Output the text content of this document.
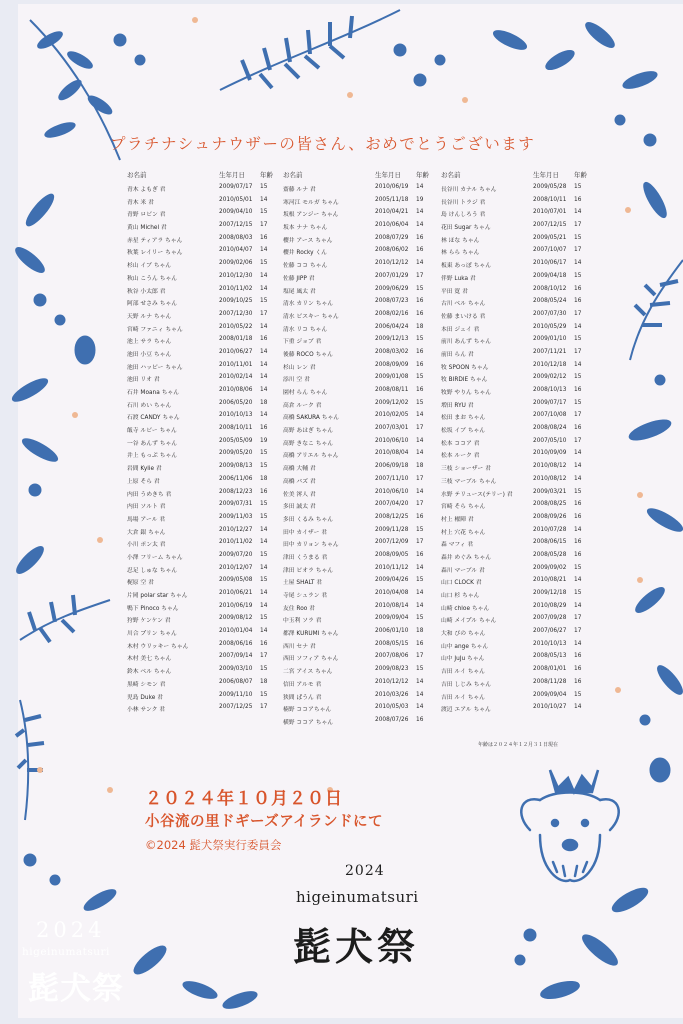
プラチナシュナウザーの皆さん、おめでとうございます
お名前	生年月日 年齢
青木 よもぎ 君	2009/07/17 15
青木 米 君	2010/05/01 14
青野 ロビン 君	2009/04/10 15
黄山 Michel 君	2007/12/15 17
赤星 ティアラ ちゃん	2008/08/03 16
秋葉 レイリー ちゃん	2010/04/07 14
杉山 イブ ちゃん	2009/02/06 15
秋山 こうん ちゃん	2010/12/30 14
秋谷 小太郎 君	2010/11/02 14
阿部 せさみ ちゃん	2009/10/25 15
天野 ルナ ちゃん	2007/12/30 17
宮崎 ファニィ ちゃん	2010/05/22 14
池上 サラ ちゃん	2008/01/18 16
池田 小豆 ちゃん	2010/06/27 14
池田 ハッピー ちゃん	2010/11/01 14
池田 リオ 君	2010/02/14 14
石井 Moana ちゃん	2010/08/06 14
石川 めい ちゃん	2006/05/20 18
石渡 CANDY ちゃん	2010/10/13 14
飯寺 ルビー ちゃん	2008/10/11 16
一谷 あんず ちゃん	2005/05/09 19
井上 もっぷ ちゃん	2009/05/20 15
岩間 Kylie 君	2009/08/13 15
上原 そら 君	2006/11/06 18
内田 うめきち 君	2008/12/23 16
内田 ソルト 君	2009/07/31 15
馬場 アール 君	2009/11/03 15
大倉 銀 ちゃん	2010/12/27 14
小川 ポン太 君	2010/11/02 14
小澤 フリーム ちゃん	2009/07/20 15
忍足 しゅな ちゃん	2010/12/07 14
梶原 空 君	2009/05/08 15
片岡 polar star ちゃん	2010/06/21 14
鴨下 Pinoco ちゃん	2010/06/19 14
狩野 ケンケン 君	2009/08/12 15
川合 プリン ちゃん	2010/01/04 14
木村 ウリッキー ちゃん	2008/06/16 16
木村 美七 ちゃん	2007/09/14 17
鈴木 ベル ちゃん	2009/03/10 15
黒崎 シモン 君	2006/08/07 18
児島 Duke 君	2009/11/10 15
小林 サンク 君	2007/12/25 17
お名前	生年月日 年齢
齋藤 ルナ 君	2010/06/19 14
寒河江 モルガ ちゃん	2005/11/18 19
坂根 アンジー ちゃん	2010/04/21 14
坂本 ナナ ちゃん	2010/06/04 14
櫻井 アース ちゃん	2008/07/29 16
櫻井 Rocky くん	2008/06/02 16
佐藤 ココ ちゃん	2010/12/12 14
佐藤 JIPP 君	2007/01/29 17
塩尾 風太 君	2009/06/29 15
清水 カリン ちゃん	2008/07/23 16
清水 ビスキー ちゃん	2008/02/16 16
清水 リコ ちゃん	2006/04/24 18
下重 ジョブ 君	2009/12/13 15
後藤 ROCO ちゃん	2008/03/02 16
杉山 レン 君	2008/09/09 16
添川 空 君	2009/01/08 15
園村 らん ちゃん	2008/08/11 16
高倉 ルーク 君	2009/12/02 15
高橋 SAKURA ちゃん	2010/02/05 14
高野 あはぎ ちゃん	2007/03/01 17
高野 きなこ ちゃん	2010/06/10 14
高橋 アリエル ちゃん	2010/08/04 14
高橋 大輔 君	2006/09/18 18
高橋 バズ 君	2007/11/10 17
佐美 澪人 君	2010/06/10 14
多田 誠太 君	2007/04/20 17
多田 くるみ ちゃん	2008/12/25 16
田中 カイザー 君	2009/11/28 15
田中 カリョン ちゃん	2007/12/09 17
津田 くうまる 君	2008/09/05 16
津田 ピオラ ちゃん	2010/11/12 14
土屋 SHALT 君	2009/04/26 15
寺尾 シュラン 君	2010/04/08 14
友住 Roo 君	2010/08/14 14
中玉利 ソラ 君	2009/09/04 15
都澤 KURUMI ちゃん	2006/01/10 18
西川 セナ 君	2008/05/15 16
西田 ソフィア ちゃん	2007/08/06 17
二宮 アイス ちゃん	2009/08/23 15
信田 アルモ 君	2010/12/12 14
狭間 ぱうん 君	2010/03/26 14
楠野 ココアちゃん	2010/05/03 14
横野 ココア ちゃん	2008/07/26 16
お名前	生年月日 年齢
長谷川 カナル ちゃん	2009/05/28 15
長谷川 トラジ 君	2008/10/11 16
島 けんしろう 君	2010/07/01 14
花田 Sugar ちゃん	2007/12/15 17
林 ほな ちゃん	2009/05/21 15
林 らら ちゃん	2007/10/07 17
板東 あっぽ ちゃん	2010/06/17 14
伴野 Luka 君	2009/04/18 15
平田 寛 君	2008/10/12 16
古川 べル ちゃん	2008/05/24 16
佐藤 まいける 君	2007/07/30 17
本田 ジェイ 君	2010/05/29 14
前川 あんず ちゃん	2009/01/10 15
前田 らん 君	2007/11/21 17
牧 SPOON ちゃん	2010/12/18 14
牧 BIRDIE ちゃん	2009/02/12 15
牧野 やりん ちゃん	2008/10/13 16
増田 RYU 君	2009/07/17 15
松田 まお ちゃん	2007/10/08 17
松坂 イブ ちゃん	2008/08/24 16
松本 ココア 君	2007/05/10 17
松本 ルーク 君	2010/09/09 14
三枝 ショーザー 君	2010/08/12 14
三枝 マーブル ちゃん	2010/08/12 14
水野 テリュース(テリー) 君	2009/03/21 15
宮崎 そら ちゃん	2008/08/25 16
村上 櫂陣 君	2008/09/26 16
村上 穴花 ちゃん	2010/07/28 14
森 マフィ 君	2008/06/15 16
森井 めぐみ ちゃん	2008/05/28 16
森川 マーブル 君	2009/09/02 15
山口 CLOCK 君	2010/08/21 14
山口 杉 ちゃん	2009/12/18 15
山崎 chloe ちゃん	2010/08/29 14
山崎 メイプル ちゃん	2007/09/28 17
大和 ぴの ちゃん	2007/06/27 17
山中 ange ちゃん	2010/10/13 14
山中 JuJu ちゃん	2008/05/13 16
吉田 ルイ ちゃん	2008/01/01 16
吉田 しじみ ちゃん	2008/11/28 16
吉田 ルイ ちゃん	2009/09/04 15
渡辺 エアル ちゃん	2010/10/27 14
年齢は２０２４年１２月３１日現在
２０２４年１０月２０日
小谷流の里ドギーズアイランドにて
©2024 髭犬祭実行委員会
2024
higeinumatsuri
髭犬祭
2024
higeinumatsuri
髭犬祭
